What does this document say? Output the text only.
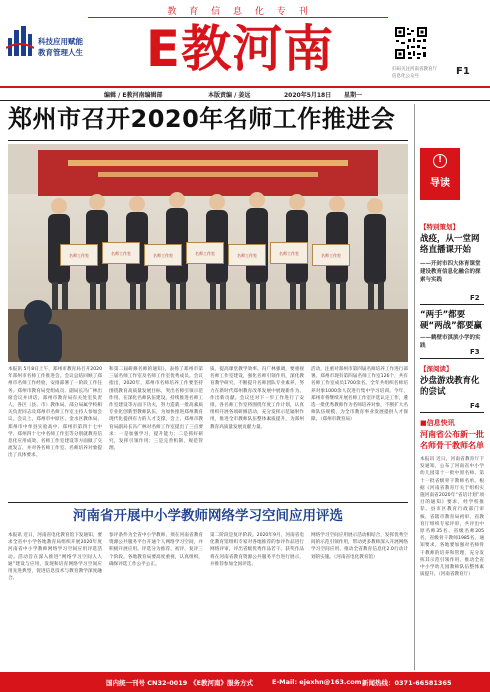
教 育 信 息 化 专 刊
科技应用赋能
教育管理人生	E教河南	扫码关注河南省教育厅
信息化公众号	F1
编辑 / E教河南编辑部	本版责编 / 姜远	2020年5月18日 星期一
郑州市召开2020年名师工作推进会
名师工作室	名师工作室	名师工作室	名师工作室	名师工作室	名师工作室	名师工作室
本报讯 5月8日上午，郑州市教育局召开2020年郑州市名师工作推进会。会议总结回顾了郑州市名师工作经验，安排部署了一阶段工作任务。郑州市教育局党组成员、副局长冯广林出席会议并讲话，郑州市教育局有关处室负责人、各区（县、市）教体局、部分局属学校相关负责同志及郑州市名师工作室主持人参加会议。会议上，郑州市中原区、金水区教体局、郑州市中牟县实验高中、郑州市第四十七中学、郑州四十七中名师工作室等分别就教育信息化应用成效、名师工作室建设等方面做了交流发言，并对各名师工作室、名师培养对象提出了具体要求。
和第二届研修名师的通知》，表扬了郑州市第三届名师工作室及名师工作室优秀成员。会议指出，2020年，郑州市名师培养工作要坚持围绕教育高质量发展目标，突出名师引领示范作用，在深化名师队伍建设、持续推进名师工作室建设等方面下功夫，努力造就一批高素质专业化创新型教师队伍，为加快推进郑州教育现代化提供有力的人才支撑。会上，郑州市教育局副局长冯广林对名师工作室提出了三点要求：一是加强学习，提升能力；二是抓好研究，发挥引领作用；三是完善机制，规范管理。
质，提高课堂教学效率。冯广林强调，要重视名师工作室建设，强化名师引领作用，深化教育教学研究，不断提升名师团队专业素养，努力在新时代郑州教育改革发展中展现新作为、作出新贡献。会议还对下一步工作进行了安排。各名师工作室将围绕年度工作计划，认真组织开展各项研修活动，充分发挥示范辐射作用，推进全市教师队伍整体素质提升，为郑州教育高质量发展贡献力量。
活动，注重对郑州市第四届名师培养工作进行部署。郑州市现有第四届名师工作室126个，共有名师工作室成员1700余名。全年共组织名师培养对象1000余人次进行集中学习培训。今年，郑州市将继续开展名师工作室评选认定工作，遴选一批优秀教师作为名师培养对象，不断扩大名师队伍规模，为全市教育事业发展提供人才保障。（郑州市教育局）
河南省开展中小学教师网络学习空间应用评选
本报讯 近日，河南省电化教育馆下发通知，要求全省中小学各地教育局组织开展2020年度河南省中小学教师网络学习空间应用评选活动。活动旨在深入推进“网络学习空间人人通”建设与应用，发现和培育网络学习空间应用先进典型，促进信息技术与教育教学深度融合。
参评条件为全省中小学教师，须在河南省教育资源公共服务平台开通个人网络学习空间，并积极开展应用。评选分为推荐、初评、复评三个阶段。各地教育局要高度重视，认真组织，确保评选工作公平公正。
第二阶段是复评阶段。2020年9月，河南省电化教育馆组织专家对各地推荐的参评作品进行网络评审，评出省级优秀作品若干。获奖作品将在河南省教育资源公共服务平台进行展示，并推荐参加全国评选。
网络学习空间应用展示活动相结合，发挥优秀空间的示范引领作用，带动更多教师深入开展网络学习空间应用，推动全省教育信息化2.0行动计划的实施。（河南省电化教育馆）
!
导读
【特别策划】
战疫，从一堂网络直播课开始
——开封市四大体育课堂建设教育信息化融合的探索与实践
F2
“两手”都要硬“两战”都要赢
——鹤壁市淇滨小学的实践
F3
【深阅读】
沙盘游戏教育化的尝试
F4
■信息快讯
河南省公布新一批名师骨干教师名单
本报讯 近日，河南省教育厅下发通知，公布了河南省中小学幼儿园第十一批中原名师、第十一批省级骨干教师名单。根据《河南省教育厅关于组织实施河南省2020年“省培计划”项目的通知》要求，经学校推荐、县市区教育行政部门审核、省辖市教育局初审、省教育厅组织专家评审，共评出中原名师35名、省级名师205名、省级骨干教师1985名。通知要求，各地要加强对名师骨干教师的培养和管理，充分发挥其示范引领作用，推动全省中小学幼儿园教师队伍整体素质提升。（河南省教育厅）
国内统一刊号 CN32-0019 《E教河南》服务方式	E-Mail: ejexhn@163.com 新闻热线：0371-66581365
